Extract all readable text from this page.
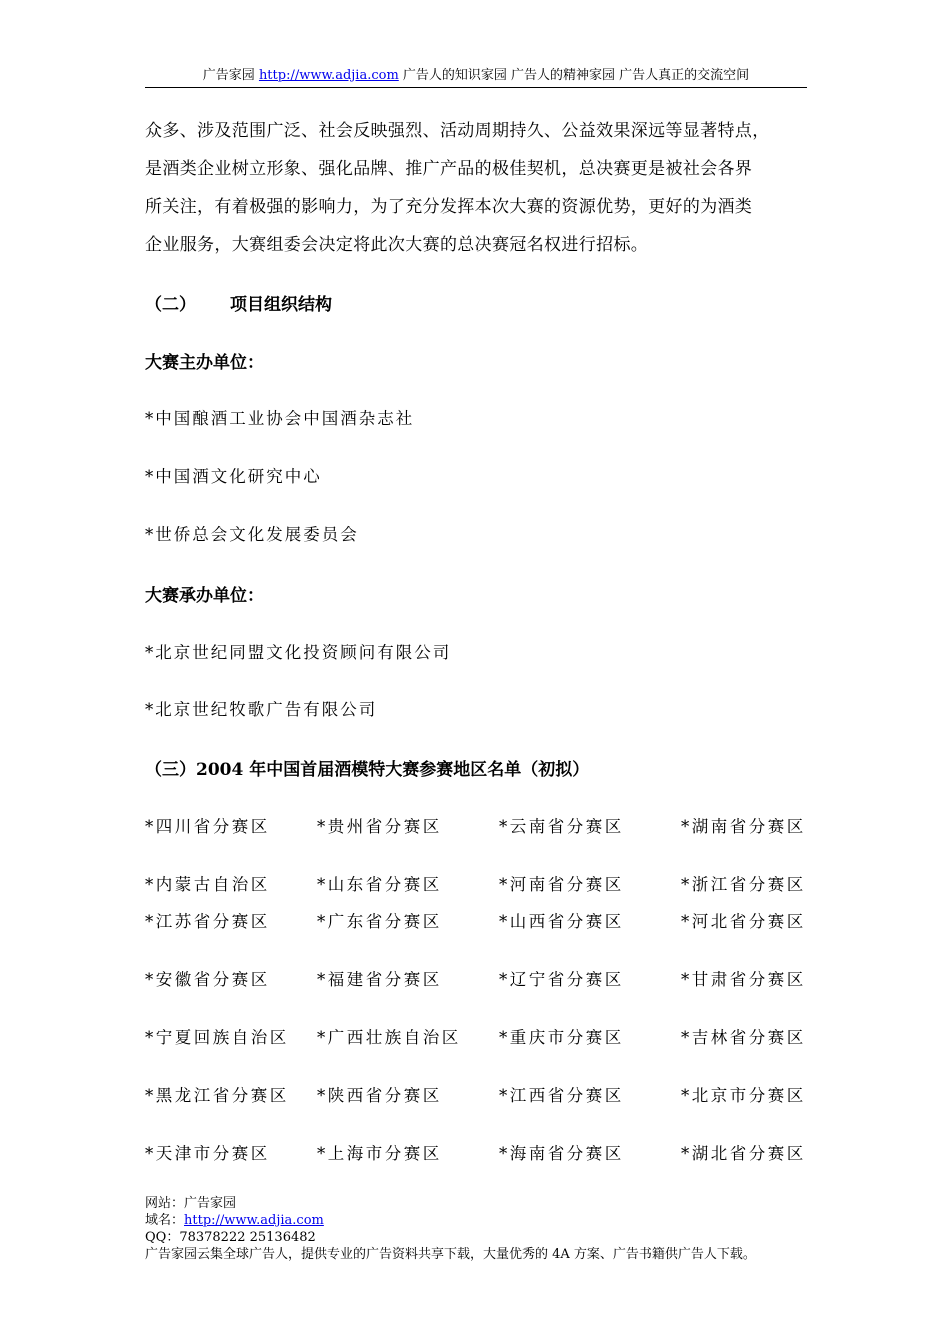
广告家园 http://www.adjia.com 广告人的知识家园 广告人的精神家园 广告人真正的交流空间
众多、涉及范围广泛、社会反映强烈、活动周期持久、公益效果深远等显著特点，
是酒类企业树立形象、强化品牌、推广产品的极佳契机，总决赛更是被社会各界
所关注，有着极强的影响力，为了充分发挥本次大赛的资源优势，更好的为酒类
企业服务，大赛组委会决定将此次大赛的总决赛冠名权进行招标。
（二） 项目组织结构
大赛主办单位：
*中国酿酒工业协会中国酒杂志社
*中国酒文化研究中心
*世侨总会文化发展委员会
大赛承办单位：
*北京世纪同盟文化投资顾问有限公司
*北京世纪牧歌广告有限公司
（三）2004 年中国首届酒模特大赛参赛地区名单（初拟）
*四川省分赛区	*贵州省分赛区	*云南省分赛区	*湖南省分赛区
*内蒙古自治区	*山东省分赛区	*河南省分赛区	*浙江省分赛区
*江苏省分赛区	*广东省分赛区	*山西省分赛区	*河北省分赛区
*安徽省分赛区	*福建省分赛区	*辽宁省分赛区	*甘肃省分赛区
*宁夏回族自治区 *广西壮族自治区 *重庆市分赛区	*吉林省分赛区
*黑龙江省分赛区 *陕西省分赛区	*江西省分赛区	*北京市分赛区
*天津市分赛区	*上海市分赛区	*海南省分赛区	*湖北省分赛区
网站：广告家园
域名：http://www.adjia.com
QQ：78378222 25136482
广告家园云集全球广告人，提供专业的广告资料共享下载，大量优秀的 4A 方案、广告书籍供广告人下载。
